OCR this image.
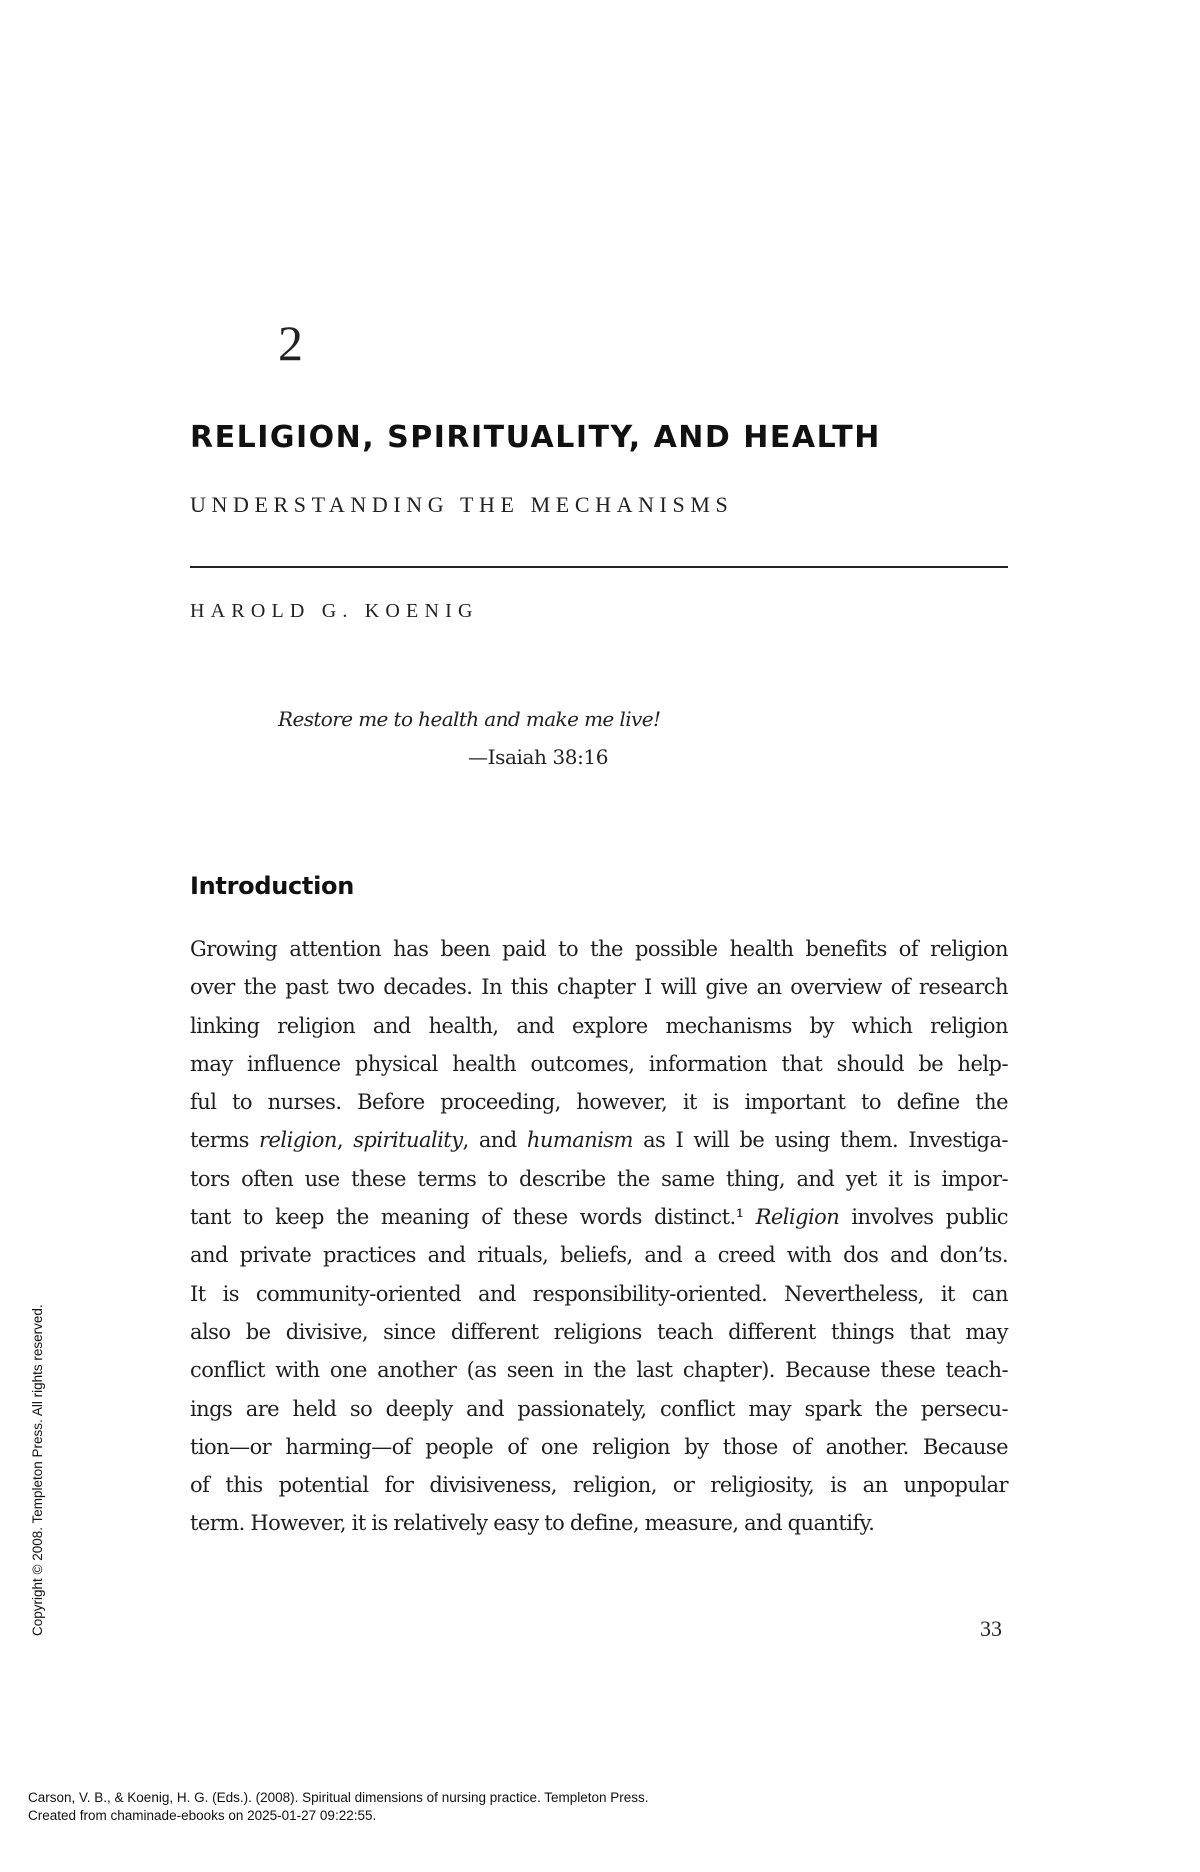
2
RELIGION, SPIRITUALITY, AND HEALTH
UNDERSTANDING THE MECHANISMS
HAROLD G. KOENIG
Restore me to health and make me live!
—Isaiah 38:16
Introduction
Growing attention has been paid to the possible health benefits of religion
over the past two decades. In this chapter I will give an overview of research
linking religion and health, and explore mechanisms by which religion
may influence physical health outcomes, information that should be help-
ful to nurses. Before proceeding, however, it is important to define the
terms religion, spirituality, and humanism as I will be using them. Investiga-
tors often use these terms to describe the same thing, and yet it is impor-
tant to keep the meaning of these words distinct.¹ Religion involves public
and private practices and rituals, beliefs, and a creed with dos and don’ts.
It is community-oriented and responsibility-oriented. Nevertheless, it can
also be divisive, since different religions teach different things that may
conflict with one another (as seen in the last chapter). Because these teach-
ings are held so deeply and passionately, conflict may spark the persecu-
tion—or harming—of people of one religion by those of another. Because
of this potential for divisiveness, religion, or religiosity, is an unpopular
term. However, it is relatively easy to define, measure, and quantify.
33
Copyright © 2008. Templeton Press. All rights reserved.
Carson, V. B., & Koenig, H. G. (Eds.). (2008). Spiritual dimensions of nursing practice. Templeton Press.
Created from chaminade-ebooks on 2025-01-27 09:22:55.
